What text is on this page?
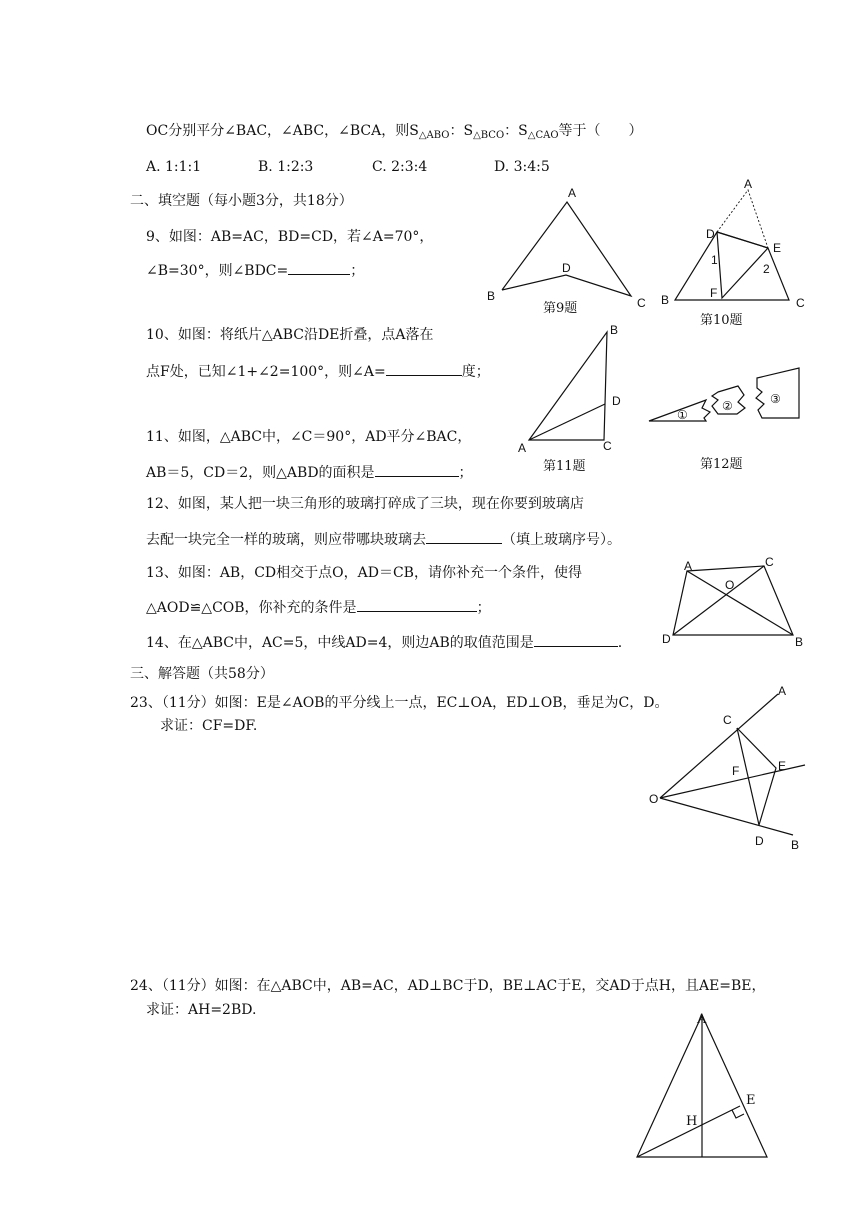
OC分别平分∠BAC，∠ABC，∠BCA，则$S_{\triangle ABO}$：$S_{\triangle BCO}$：$S_{\triangle CAO}$等于（　　）
A. 1:1:1	B. 1:2:3	C. 2:3:4	D. 3:4:5
二、填空题（每小题3分，共18分）
9、如图：AB=AC，BD=CD，若∠A=70°，
∠B=30°，则∠BDC=	；
10、如图：将纸片△ABC沿DE折叠，点A落在
点F处，已知∠1+∠2=100°，则∠A=	度；
11、如图，△ABC中，∠C＝90°，AD平分∠BAC，
AB＝5，CD＝2，则△ABD的面积是	；
12、如图，某人把一块三角形的玻璃打碎成了三块，现在你要到玻璃店
去配一块完全一样的玻璃，则应带哪块玻璃去	（填上玻璃序号）。
13、如图：AB，CD相交于点O，AD＝CB，请你补充一个条件，使得
△AOD≌△COB，你补充的条件是	；
14、在△ABC中，AC=5，中线AD=4，则边AB的取值范围是	.
三、解答题（共58分）
23、（11分）如图：E是∠AOB的平分线上一点，EC⊥OA，ED⊥OB，垂足为C，D。
求证：CF=DF.
24、（11分）如图：在△ABC中，AB=AC，AD⊥BC于D，BE⊥AC于E，交AD于点H，且AE=BE，
求证：AH=2BD.
A
B	C
D
第9题
A
B	C
D
E
F
1
2
第10题
B
D
A	C
第11题
①
②	③
第12题
A	C
O
D	B
A
C
F	E
O
D B
A
E
H
